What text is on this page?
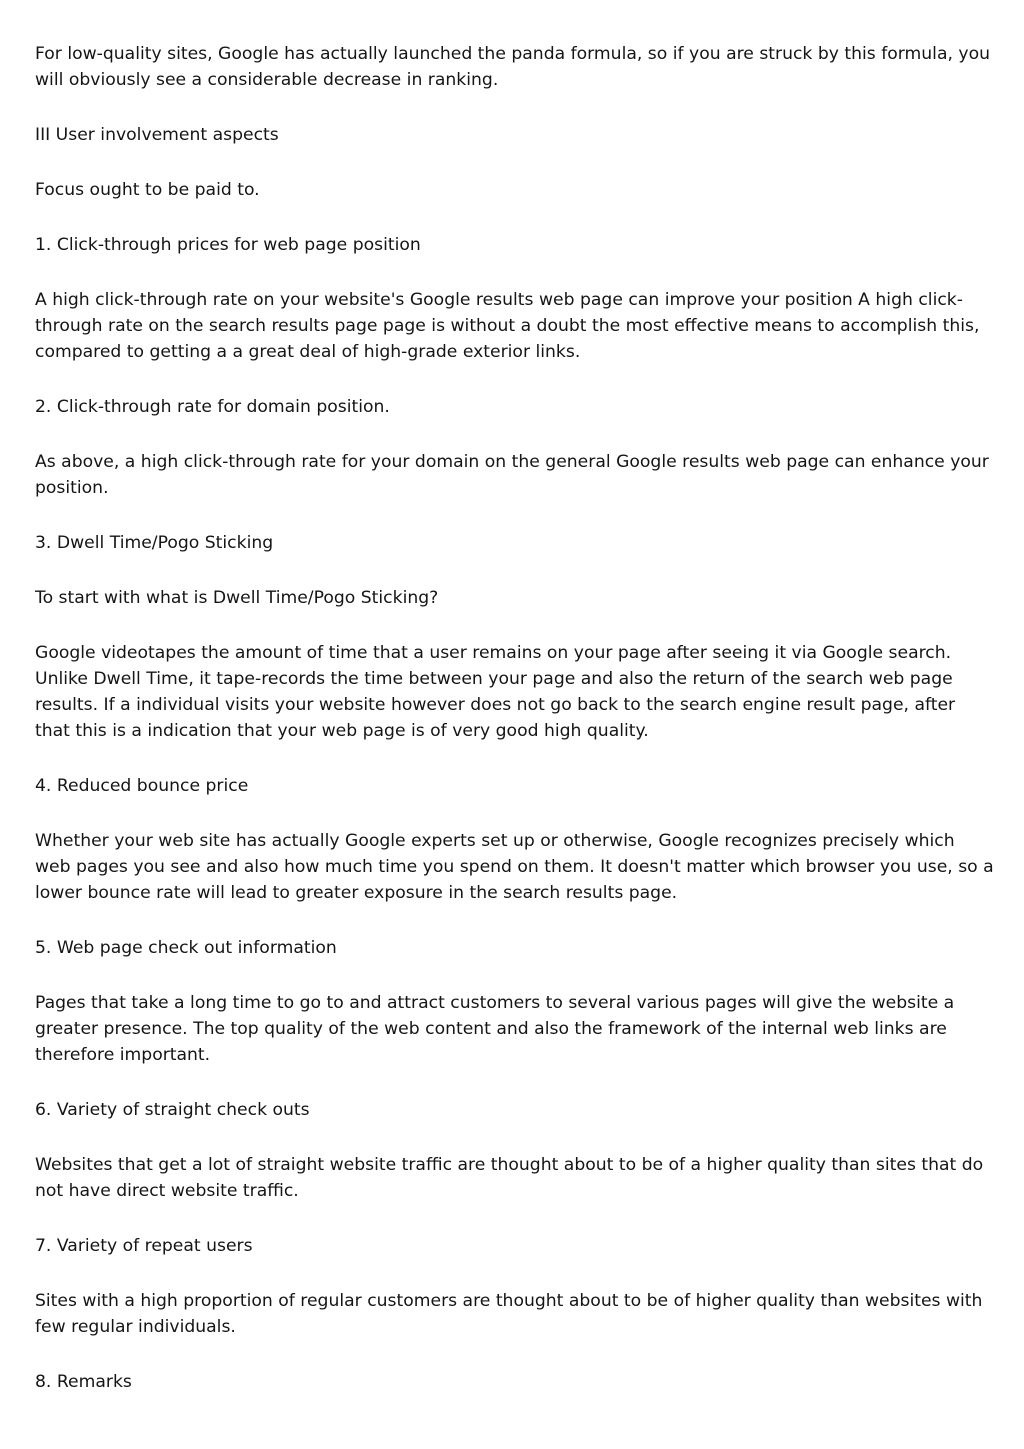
For low-quality sites, Google has actually launched the panda formula, so if you are struck by this formula, you will obviously see a considerable decrease in ranking.

III User involvement aspects

Focus ought to be paid to.

1. Click-through prices for web page position

A high click-through rate on your website's Google results web page can improve your position A high click-through rate on the search results page page is without a doubt the most effective means to accomplish this, compared to getting a a great deal of high-grade exterior links.

2. Click-through rate for domain position.

As above, a high click-through rate for your domain on the general Google results web page can enhance your position.

3. Dwell Time/Pogo Sticking

To start with what is Dwell Time/Pogo Sticking?

Google videotapes the amount of time that a user remains on your page after seeing it via Google search. Unlike Dwell Time, it tape-records the time between your page and also the return of the search web page results. If a individual visits your website however does not go back to the search engine result page, after that this is a indication that your web page is of very good high quality.

4. Reduced bounce price

Whether your web site has actually Google experts set up or otherwise, Google recognizes precisely which web pages you see and also how much time you spend on them. It doesn't matter which browser you use, so a lower bounce rate will lead to greater exposure in the search results page.

5. Web page check out information

Pages that take a long time to go to and attract customers to several various pages will give the website a greater presence. The top quality of the web content and also the framework of the internal web links are therefore important.

6. Variety of straight check outs

Websites that get a lot of straight website traffic are thought about to be of a higher quality than sites that do not have direct website traffic.

7. Variety of repeat users

Sites with a high proportion of regular customers are thought about to be of higher quality than websites with few regular individuals.

8. Remarks
